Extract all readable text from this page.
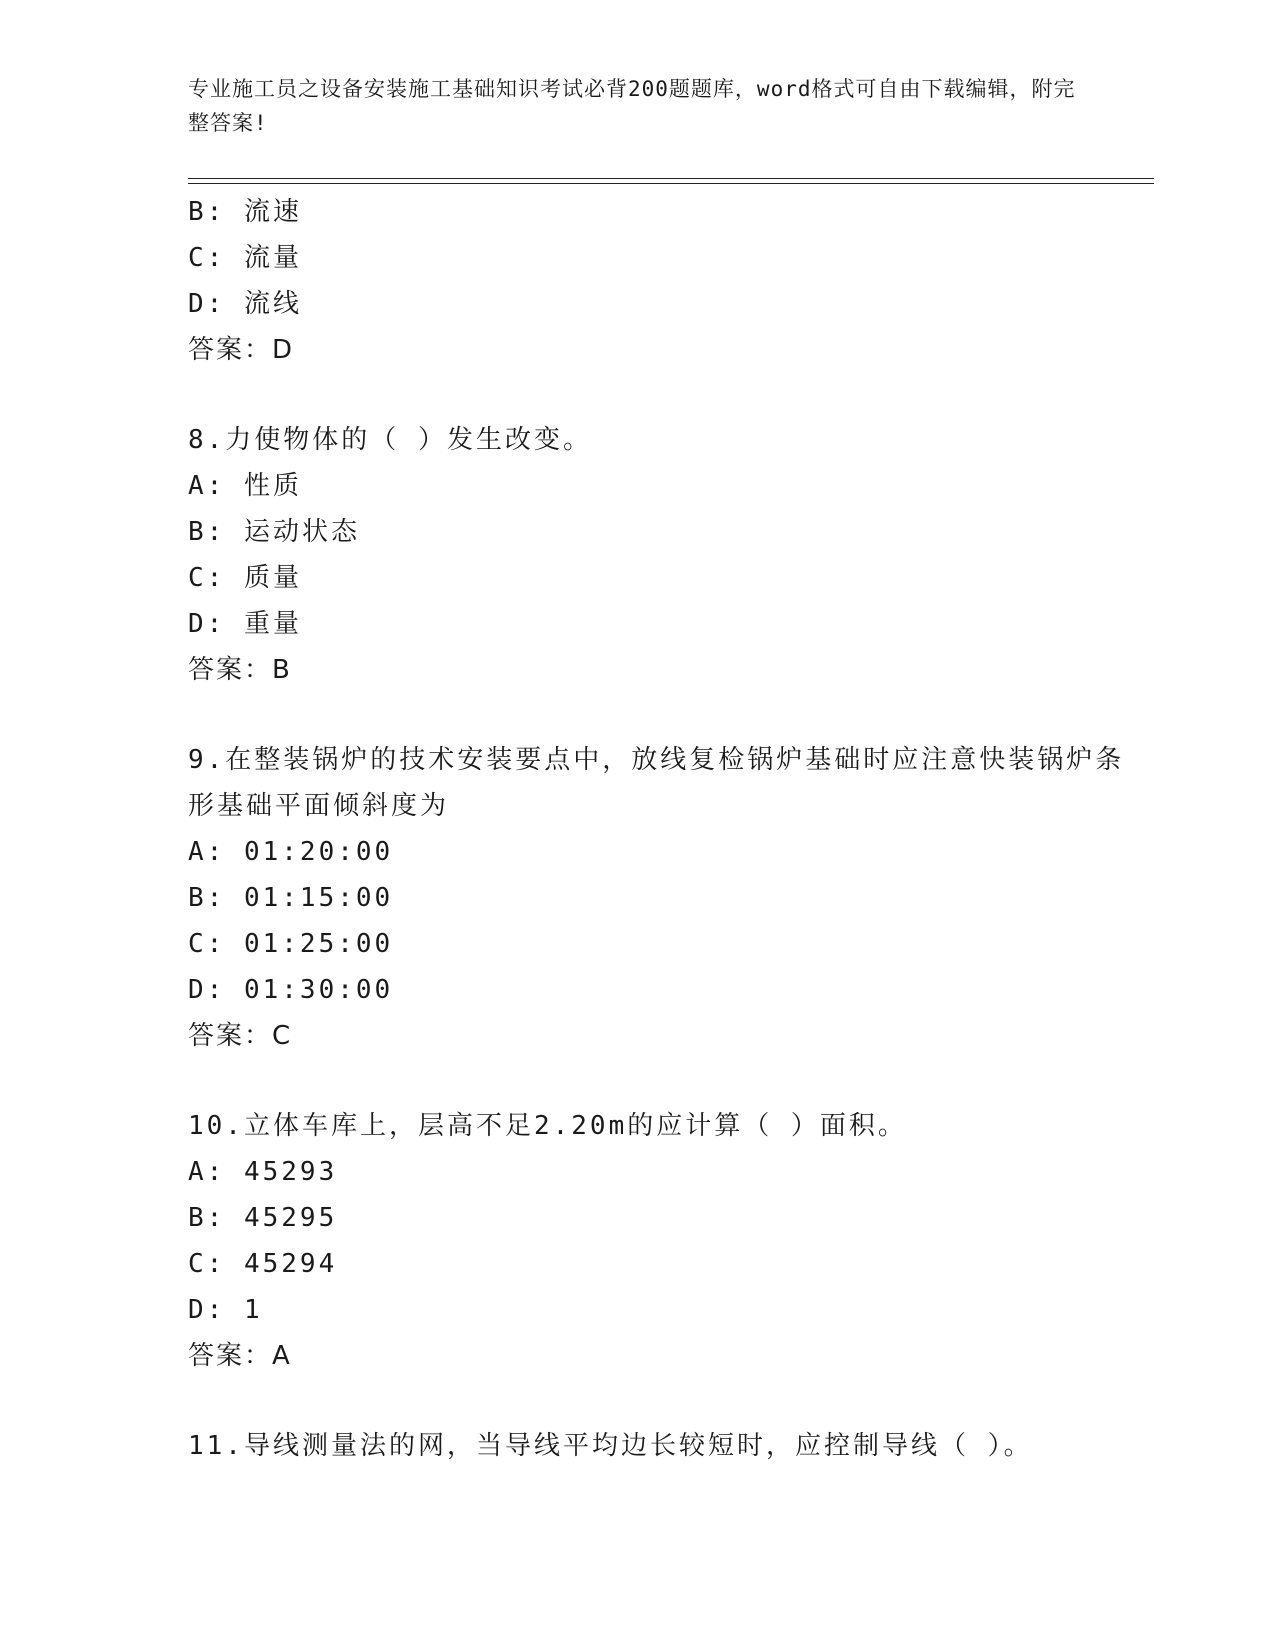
专业施工员之设备安装施工基础知识考试必背200题题库，word格式可自由下载编辑，附完整答案!
B: 流速
C: 流量
D: 流线
答案：D
8.力使物体的（ ）发生改变。
A: 性质
B: 运动状态
C: 质量
D: 重量
答案：B
9.在整装锅炉的技术安装要点中，放线复检锅炉基础时应注意快装锅炉条形基础平面倾斜度为
A: 01:20:00
B: 01:15:00
C: 01:25:00
D: 01:30:00
答案：C
10.立体车库上，层高不足2.20m的应计算（ ）面积。
A: 45293
B: 45295
C: 45294
D: 1
答案：A
11.导线测量法的网，当导线平均边长较短时，应控制导线（ ）。
